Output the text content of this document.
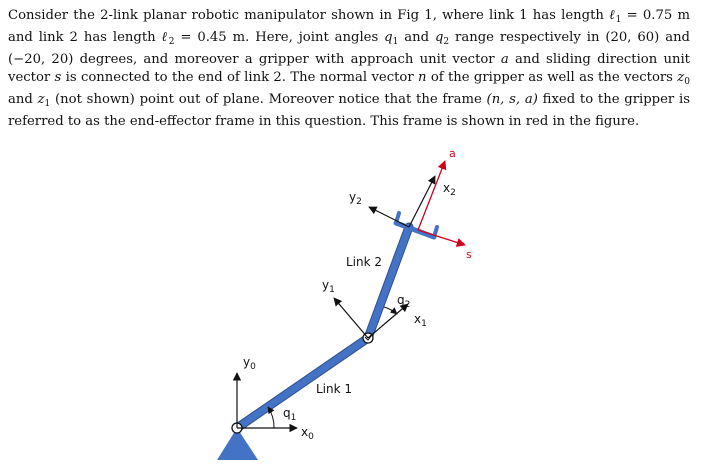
Consider the 2-link planar robotic manipulator shown in Fig 1, where link 1 has length ℓ$_1$ = 0.75 m and link 2 has length ℓ$_2$ = 0.45 m. Here, joint angles $q_1$ and $q_2$ range respectively in (20, 60) and (−20, 20) degrees, and moreover a gripper with approach unit vector a and sliding direction unit vector s is connected to the end of link 2. The normal vector n of the gripper as well as the vectors $z_0$ and $z_1$ (not shown) point out of plane. Moreover notice that the frame (n, s, a) fixed to the gripper is referred to as the end-effector frame in this question. This frame is shown in red in the figure.

Link 2
Link 1
$y_0$
$x_0$
$q_1$
$y_1$
$x_1$
$q_2$
$y_2$
$x_2$
a
s
